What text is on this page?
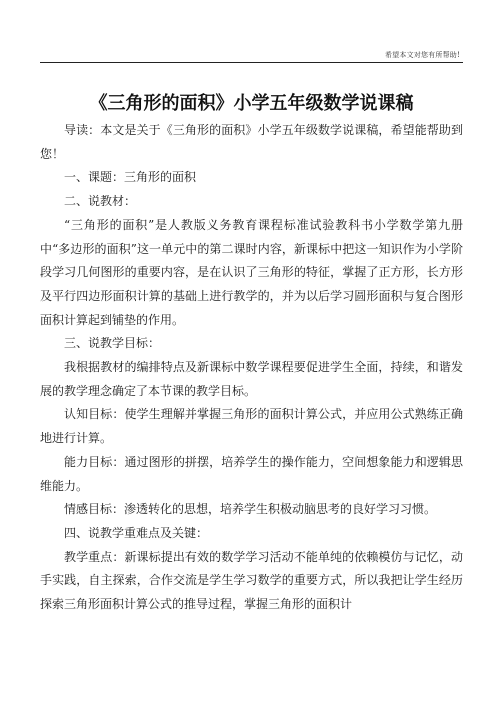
希望本文对您有所帮助!
《三角形的面积》小学五年级数学说课稿

导读：本文是关于《三角形的面积》小学五年级数学说课稿，希望能帮助到您！

一、课题：三角形的面积

二、说教材：

“三角形的面积”是人教版义务教育课程标准试验教科书小学数学第九册中“多边形的面积”这一单元中的第二课时内容，新课标中把这一知识作为小学阶段学习几何图形的重要内容，是在认识了三角形的特征，掌握了正方形，长方形及平行四边形面积计算的基础上进行教学的，并为以后学习圆形面积与复合图形面积计算起到铺垫的作用。

三、说教学目标：

我根据教材的编排特点及新课标中数学课程要促进学生全面，持续，和谐发展的教学理念确定了本节课的教学目标。

认知目标：使学生理解并掌握三角形的面积计算公式，并应用公式熟练正确地进行计算。

能力目标：通过图形的拼摆，培养学生的操作能力，空间想象能力和逻辑思维能力。

情感目标：渗透转化的思想，培养学生积极动脑思考的良好学习习惯。

四、说教学重难点及关键：

教学重点：新课标提出有效的数学学习活动不能单纯的依赖模仿与记忆，动手实践，自主探索，合作交流是学生学习数学的重要方式，所以我把让学生经历探索三角形面积计算公式的推导过程，掌握三角形的面积计
